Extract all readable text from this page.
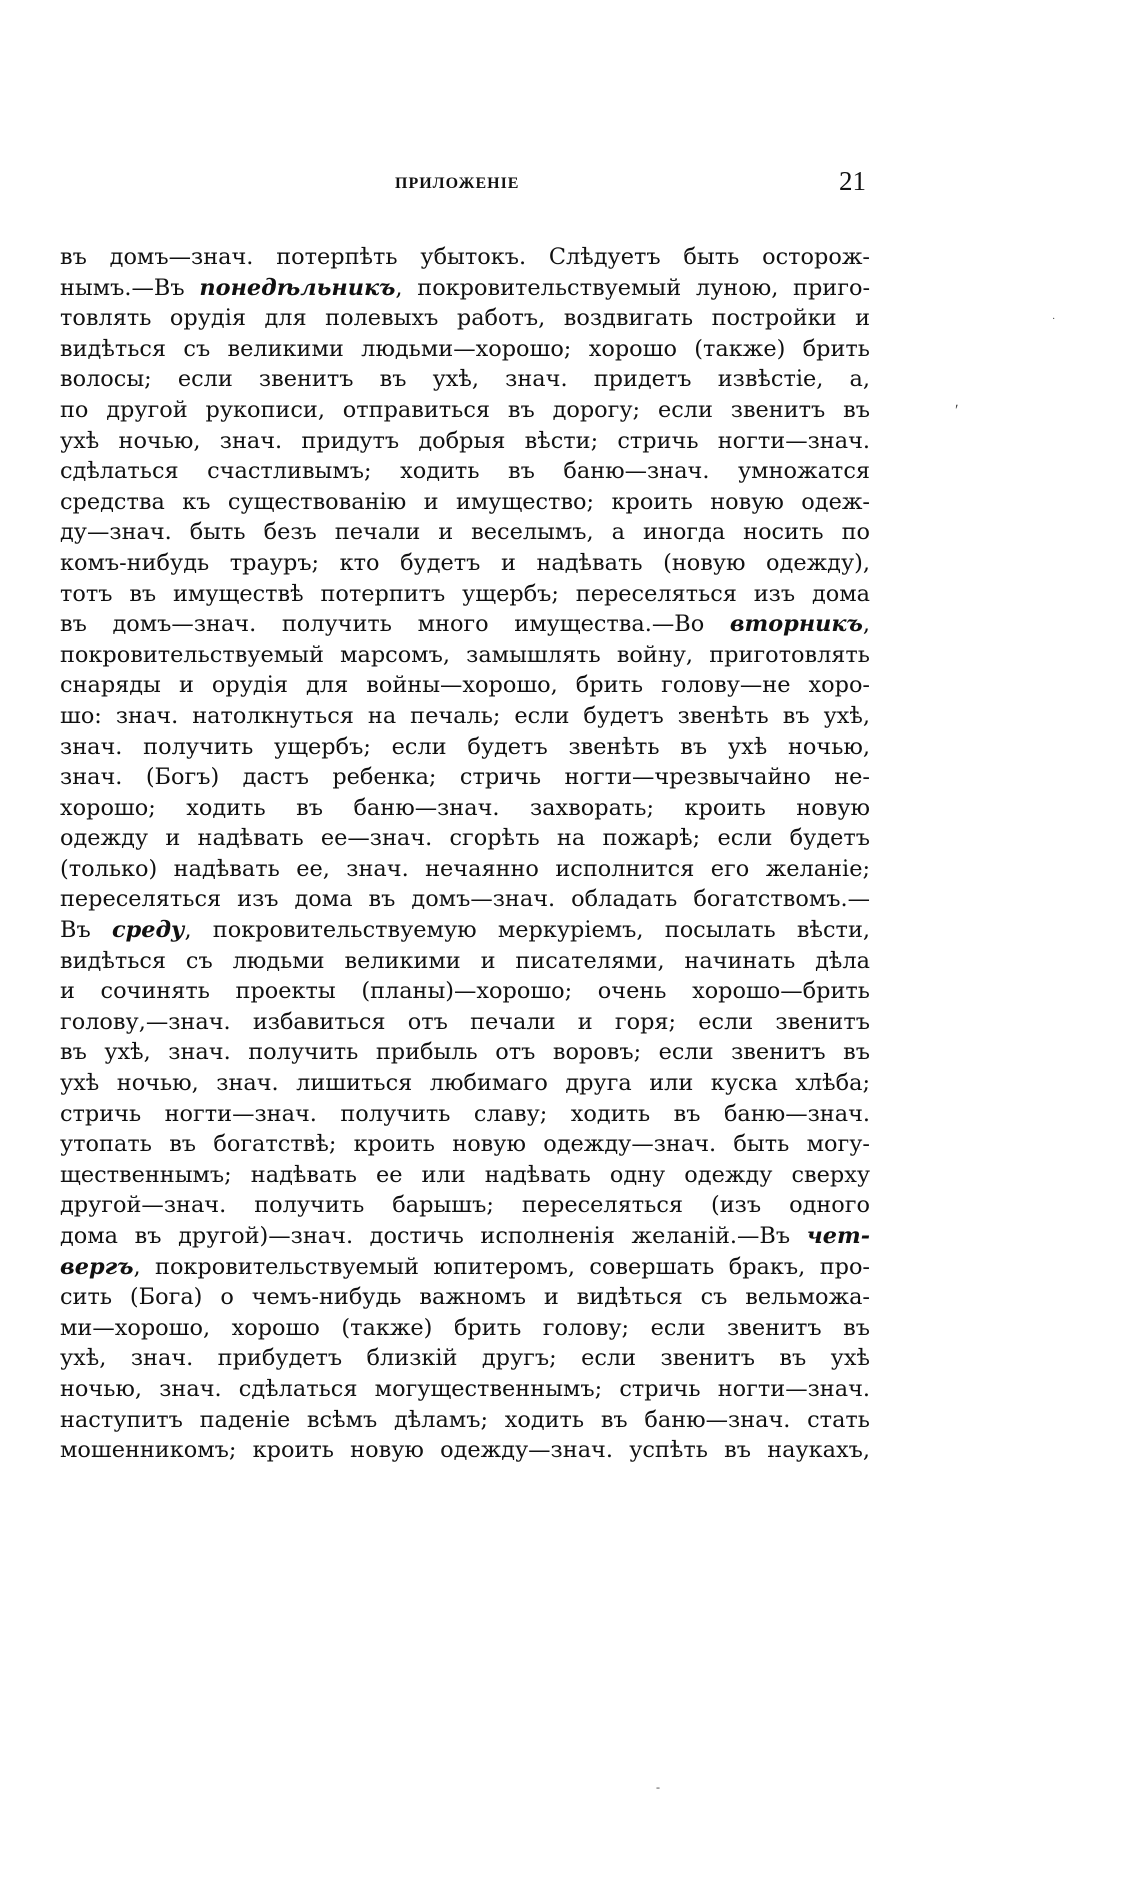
ПРИЛОЖЕНІЕ	21
въ домъ—знач. потерпѣть убытокъ. Слѣдуетъ быть осторож-
нымъ.—Въ понедѣльникъ, покровительствуемый луною, приго-
товлять орудія для полевыхъ работъ, воздвигать постройки и
видѣться съ великими людьми—хорошо; хорошо (также) брить
волосы; если звенитъ въ ухѣ, знач. придетъ извѣстіе, а,
по другой рукописи, отправиться въ дорогу; если звенитъ въ
ухѣ ночью, знач. придутъ добрыя вѣсти; стричь ногти—знач.
сдѣлаться счастливымъ; ходить въ баню—знач. умножатся
средства къ существованію и имущество; кроить новую одеж-
ду—знач. быть безъ печали и веселымъ, а иногда носить по
комъ-нибудь трауръ; кто будетъ и надѣвать (новую одежду),
тотъ въ имуществѣ потерпитъ ущербъ; переселяться изъ дома
въ домъ—знач. получить много имущества.—Во вторникъ,
покровительствуемый марсомъ, замышлять войну, приготовлять
снаряды и орудія для войны—хорошо, брить голову—не хоро-
шо: знач. натолкнуться на печаль; если будетъ звенѣть въ ухѣ,
знач. получить ущербъ; если будетъ звенѣть въ ухѣ ночью,
знач. (Богъ) дастъ ребенка; стричь ногти—чрезвычайно не-
хорошо; ходить въ баню—знач. захворать; кроить новую
одежду и надѣвать ее—знач. сгорѣть на пожарѣ; если будетъ
(только) надѣвать ее, знач. нечаянно исполнится его желаніе;
переселяться изъ дома въ домъ—знач. обладать богатствомъ.—
Въ среду, покровительствуемую меркуріемъ, посылать вѣсти,
видѣться съ людьми великими и писателями, начинать дѣла
и сочинять проекты (планы)—хорошо; очень хорошо—брить
голову,—знач. избавиться отъ печали и горя; если звенитъ
въ ухѣ, знач. получить прибыль отъ воровъ; если звенитъ въ
ухѣ ночью, знач. лишиться любимаго друга или куска хлѣба;
стричь ногти—знач. получить славу; ходить въ баню—знач.
утопать въ богатствѣ; кроить новую одежду—знач. быть могу-
щественнымъ; надѣвать ее или надѣвать одну одежду сверху
другой—знач. получить барышъ; переселяться (изъ одного
дома въ другой)—знач. достичь исполненія желаній.—Въ чет-
вергъ, покровительствуемый юпитеромъ, совершать бракъ, про-
сить (Бога) о чемъ-нибудь важномъ и видѣться съ вельможа-
ми—хорошо, хорошо (также) брить голову; если звенитъ въ
ухѣ, знач. прибудетъ близкій другъ; если звенитъ въ ухѣ
ночью, знач. сдѣлаться могущественнымъ; стричь ногти—знач.
наступитъ паденіе всѣмъ дѣламъ; ходить въ баню—знач. стать
мошенникомъ; кроить новую одежду—знач. успѣть въ наукахъ,
·
ʹ
-
